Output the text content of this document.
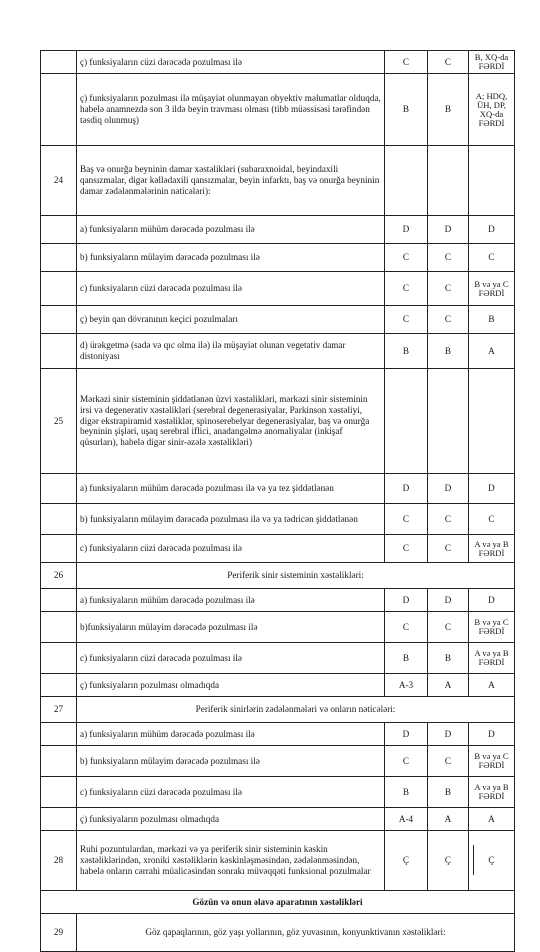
	ç) funksiyaların cüzi dərəcədə pozulması ilə	C	C	B, XQ-da
FƏRDİ

	ç) funksiyaların pozulması ilə müşayiət olunmayan obyektiv məlumatlar olduqda, habelə anamnezdə son 3 ildə beyin travması olması (tibb müəssisəsi tərəfindən təsdiq olunmuş)	B	B	A; HDQ,
ÜH, DP,
XQ-da
FƏRDİ

24	Baş və onurğa beyninin damar xəstəlikləri (subaraxnoidal, beyindaxili qansızmalar, digər kəllədaxili qansızmalar, beyin infarktı, baş və onurğa beyninin damar zədələnmələrinin nəticələri):			
	a) funksiyaların mühüm dərəcədə pozulması ilə	D	D	D
	b) funksiyaların mülayim dərəcədə pozulması ilə	C	C	C
	c) funksiyaların cüzi dərəcədə pozulması ilə	C	C	B və ya C
FƏRDİ

	ç) beyin qan dövranının keçici pozulmaları	C	C	B
	d) ürəkgetmə (sadə və qıc olma ilə) ilə müşayiət olunan vegetativ damar distoniyası	B	B	A
25	Mərkəzi sinir sisteminin şiddətlənən üzvi xəstəlikləri, mərkəzi sinir sisteminin irsi və degenerativ xəstəlikləri (serebral degenerasiyalar, Parkinson xəstəliyi, digər ekstrapiramid xəstəliklər, spinoserebelyar degenerasiyalar, baş və onurğa beyninin şişləri, uşaq serebral iflici, anadangəlmə anomaliyalar (inkişaf qüsurları), habelə digər sinir-əzələ xəstəlikləri)			
	a) funksiyaların mühüm dərəcədə pozulması ilə və ya tez şiddətlənən	D	D	D
	b) funksiyaların mülayim dərəcədə pozulması ilə və ya tədricən şiddətlənən	C	C	C
	c) funksiyaların cüzi dərəcədə pozulması ilə	C	C	A və ya B
FƏRDİ

26	Periferik sinir sisteminin xəstəlikləri:			
	a) funksiyaların mühüm dərəcədə pozulması ilə	D	D	D
	b)funksiyaların mülayim dərəcədə pozulması ilə	C	C	B və ya C
FƏRDİ

	c) funksiyaların cüzi dərəcədə pozulması ilə	B	B	A və ya B
FƏRDİ

	ç) funksiyaların pozulması olmadıqda	A-3	A	A
27	Periferik sinirlərin zədələnmələri və onların nəticələri:			
	a) funksiyaların mühüm dərəcədə pozulması ilə	D	D	D
	b) funksiyaların mülayim dərəcədə pozulması ilə	C	C	B və ya C
FƏRDİ

	c) funksiyaların cüzi dərəcədə pozulması ilə	B	B	A və ya B
FƏRDİ

	ç) funksiyaların pozulması olmadıqda	A-4	A	A
28	Ruhi pozuntulardan, mərkəzi və ya periferik sinir sisteminin kəskin xəstəliklərindən, xroniki xəstəliklərin kəskinləşməsindən, zədələnməsindən, habelə onların cərrahi müalicəsindən sonrakı müvəqqəti funksional pozulmalar	Ç	Ç	Ç
Gözün və onun əlavə aparatının xəstəlikləri				
29	Göz qapaqlarının, göz yaşı yollarının, göz yuvasının, konyunktivanın xəstəlikləri:			
